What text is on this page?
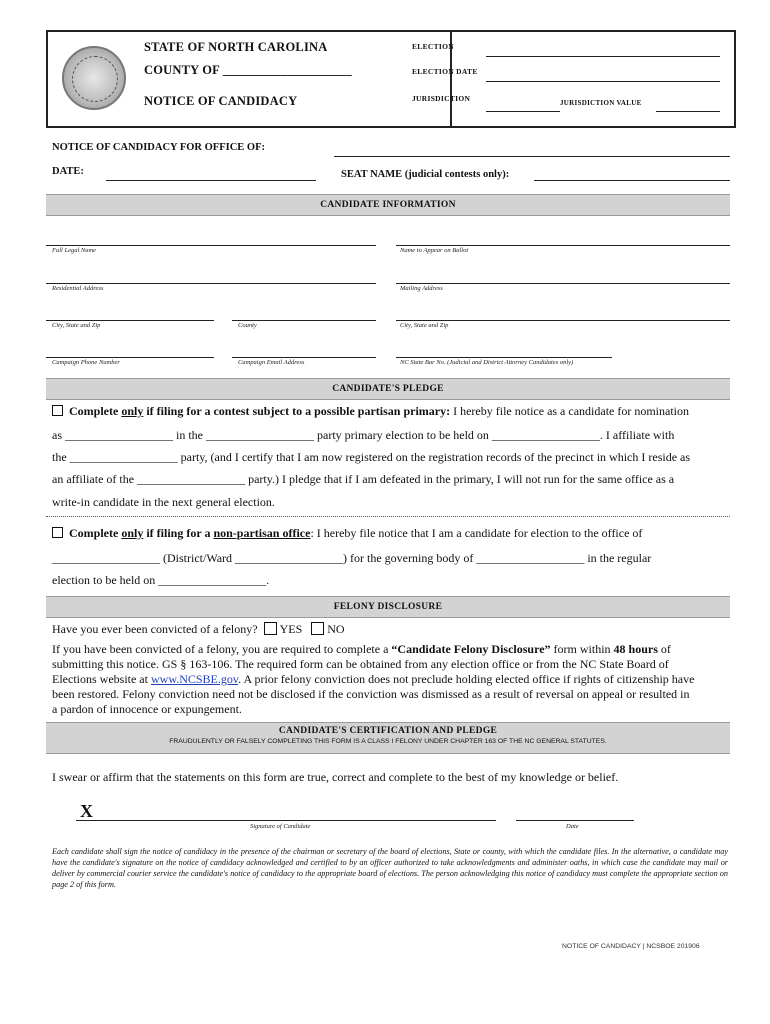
STATE OF NORTH CAROLINA
COUNTY OF ____________________
NOTICE OF CANDIDACY
ELECTION
ELECTION DATE
JURISDICTION	JURISDICTION VALUE
NOTICE OF CANDIDACY FOR OFFICE OF:
DATE:	SEAT NAME (judicial contests only):
CANDIDATE INFORMATION
Full Legal Name	Name to Appear on Ballot
Residential Address	Mailing Address
City, State and Zip	County	City, State and Zip
Campaign Phone Number	Campaign Email Address	NC State Bar No. (Judicial and District Attorney Candidates only)
CANDIDATE'S PLEDGE
Complete only if filing for a contest subject to a possible partisan primary: I hereby file notice as a candidate for nomination
as __________________ in the __________________ party primary election to be held on __________________. I affiliate with
the __________________ party, (and I certify that I am now registered on the registration records of the precinct in which I reside as
an affiliate of the __________________ party.) I pledge that if I am defeated in the primary, I will not run for the same office as a
write-in candidate in the next general election.
Complete only if filing for a non-partisan office: I hereby file notice that I am a candidate for election to the office of
__________________ (District/Ward __________________) for the governing body of __________________ in the regular
election to be held on __________________.
FELONY DISCLOSURE
Have you ever been convicted of a felony? YES NO
If you have been convicted of a felony, you are required to complete a “Candidate Felony Disclosure” form within 48 hours of
submitting this notice. GS § 163-106. The required form can be obtained from any election office or from the NC State Board of
Elections website at www.NCSBE.gov. A prior felony conviction does not preclude holding elected office if rights of citizenship have
been restored. Felony conviction need not be disclosed if the conviction was dismissed as a result of reversal on appeal or resulted in
a pardon of innocence or expungement.
CANDIDATE'S CERTIFICATION AND PLEDGE
FRAUDULENTLY OR FALSELY COMPLETING THIS FORM IS A CLASS I FELONY UNDER CHAPTER 163 OF THE NC GENERAL STATUTES.
I swear or affirm that the statements on this form are true, correct and complete to the best of my knowledge or belief.
X
Signature of Candidate	Date
Each candidate shall sign the notice of candidacy in the presence of the chairman or secretary of the board of elections, State or county, with which the candidate files. In the alternative, a candidate may have the candidate's signature on the notice of candidacy acknowledged and certified to by an officer authorized to take acknowledgments and administer oaths, in which case the candidate may mail or deliver by commercial courier service the candidate's notice of candidacy to the appropriate board of elections. The person acknowledging this notice of candidacy must complete the appropriate section on page 2 of this form.
NOTICE OF CANDIDACY | NCSBOE 201906
